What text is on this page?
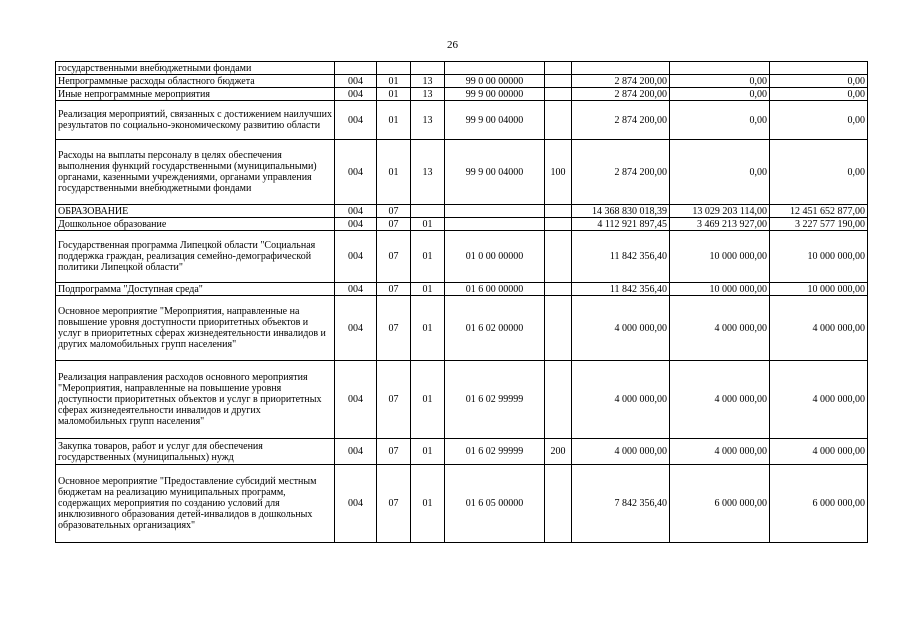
26
государственными внебюджетными фондами								
Непрограммные расходы областного бюджета	004	01	13	99 0 00 00000		2 874 200,00	0,00	0,00
Иные непрограммные мероприятия	004	01	13	99 9 00 00000		2 874 200,00	0,00	0,00
Реализация мероприятий, связанных с достижением наилучших результатов по социально-экономическому развитию области	004	01	13	99 9 00 04000		2 874 200,00	0,00	0,00
Расходы на выплаты персоналу в целях обеспечения выполнения функций государственными (муниципальными) органами, казенными учреждениями, органами управления государственными внебюджетными фондами	004	01	13	99 9 00 04000	100	2 874 200,00	0,00	0,00
ОБРАЗОВАНИЕ	004	07				14 368 830 018,39	13 029 203 114,00	12 451 652 877,00
Дошкольное образование	004	07	01			4 112 921 897,45	3 469 213 927,00	3 227 577 190,00
Государственная программа Липецкой области "Социальная поддержка граждан, реализация семейно-демографической политики Липецкой области"	004	07	01	01 0 00 00000		11 842 356,40	10 000 000,00	10 000 000,00
Подпрограмма "Доступная среда"	004	07	01	01 6 00 00000		11 842 356,40	10 000 000,00	10 000 000,00
Основное мероприятие "Мероприятия, направленные на повышение уровня доступности приоритетных объектов и услуг в приоритетных сферах жизнедеятельности инвалидов и других маломобильных групп населения"	004	07	01	01 6 02 00000		4 000 000,00	4 000 000,00	4 000 000,00
Реализация направления расходов основного мероприятия "Мероприятия, направленные на повышение уровня доступности приоритетных объектов и услуг в приоритетных сферах жизнедеятельности инвалидов и других маломобильных групп населения"	004	07	01	01 6 02 99999		4 000 000,00	4 000 000,00	4 000 000,00
Закупка товаров, работ и услуг для обеспечения государственных (муниципальных) нужд	004	07	01	01 6 02 99999	200	4 000 000,00	4 000 000,00	4 000 000,00
Основное мероприятие "Предоставление субсидий местным бюджетам на реализацию муниципальных программ, содержащих мероприятия по созданию условий для инклюзивного образования детей-инвалидов в дошкольных образовательных организациях"	004	07	01	01 6 05 00000		7 842 356,40	6 000 000,00	6 000 000,00
